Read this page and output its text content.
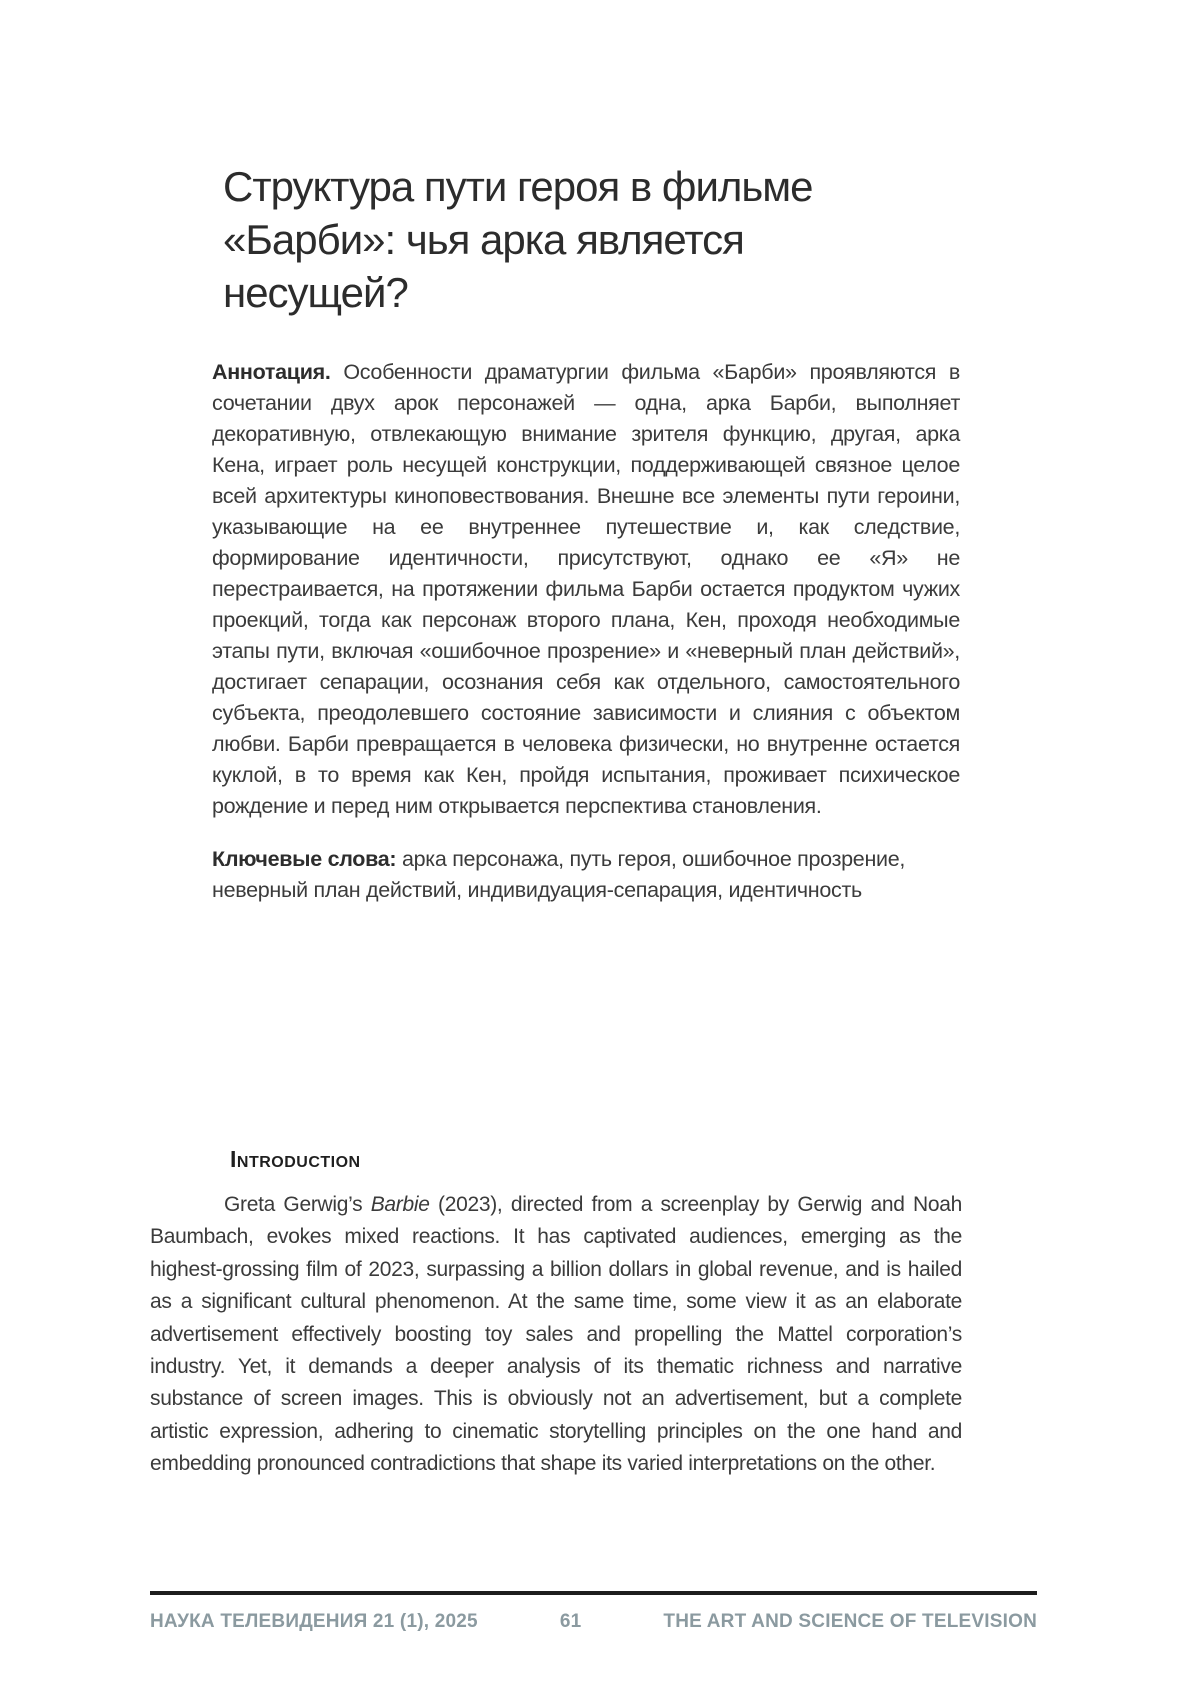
Структура пути героя в фильме «Барби»: чья арка является несущей?

Аннотация. Особенности драматургии фильма «Барби» проявляются в сочетании двух арок персонажей — одна, арка Барби, выполняет декоративную, отвлекающую внимание зрителя функцию, другая, арка Кена, играет роль несущей конструкции, поддерживающей связное целое всей архитектуры киноповествования. Внешне все элементы пути героини, указывающие на ее внутреннее путешествие и, как следствие, формирование идентичности, присутствуют, однако ее «Я» не перестраивается, на протяжении фильма Барби остается продуктом чужих проекций, тогда как персонаж второго плана, Кен, проходя необходимые этапы пути, включая «ошибочное прозрение» и «неверный план действий», достигает сепарации, осознания себя как отдельного, самостоятельного субъекта, преодолевшего состояние зависимости и слияния с объектом любви. Барби превращается в человека физически, но внутренне остается куклой, в то время как Кен, пройдя испытания, проживает психическое рождение и перед ним открывается перспектива становления.

Ключевые слова: арка персонажа, путь героя, ошибочное прозрение, неверный план действий, индивидуация-сепарация, идентичность

Introduction

Greta Gerwig’s Barbie (2023), directed from a screenplay by Gerwig and Noah Baumbach, evokes mixed reactions. It has captivated audiences, emerging as the highest-grossing film of 2023, surpassing a billion dollars in global revenue, and is hailed as a significant cultural phenomenon. At the same time, some view it as an elaborate advertisement effectively boosting toy sales and propelling the Mattel corporation’s industry. Yet, it demands a deeper analysis of its thematic richness and narrative substance of screen images. This is obviously not an advertisement, but a complete artistic expression, adhering to cinematic storytelling principles on the one hand and embedding pronounced contradictions that shape its varied interpretations on the other.

НАУКА ТЕЛЕВИДЕНИЯ 21 (1), 2025	61	THE ART AND SCIENCE OF TELEVISION
